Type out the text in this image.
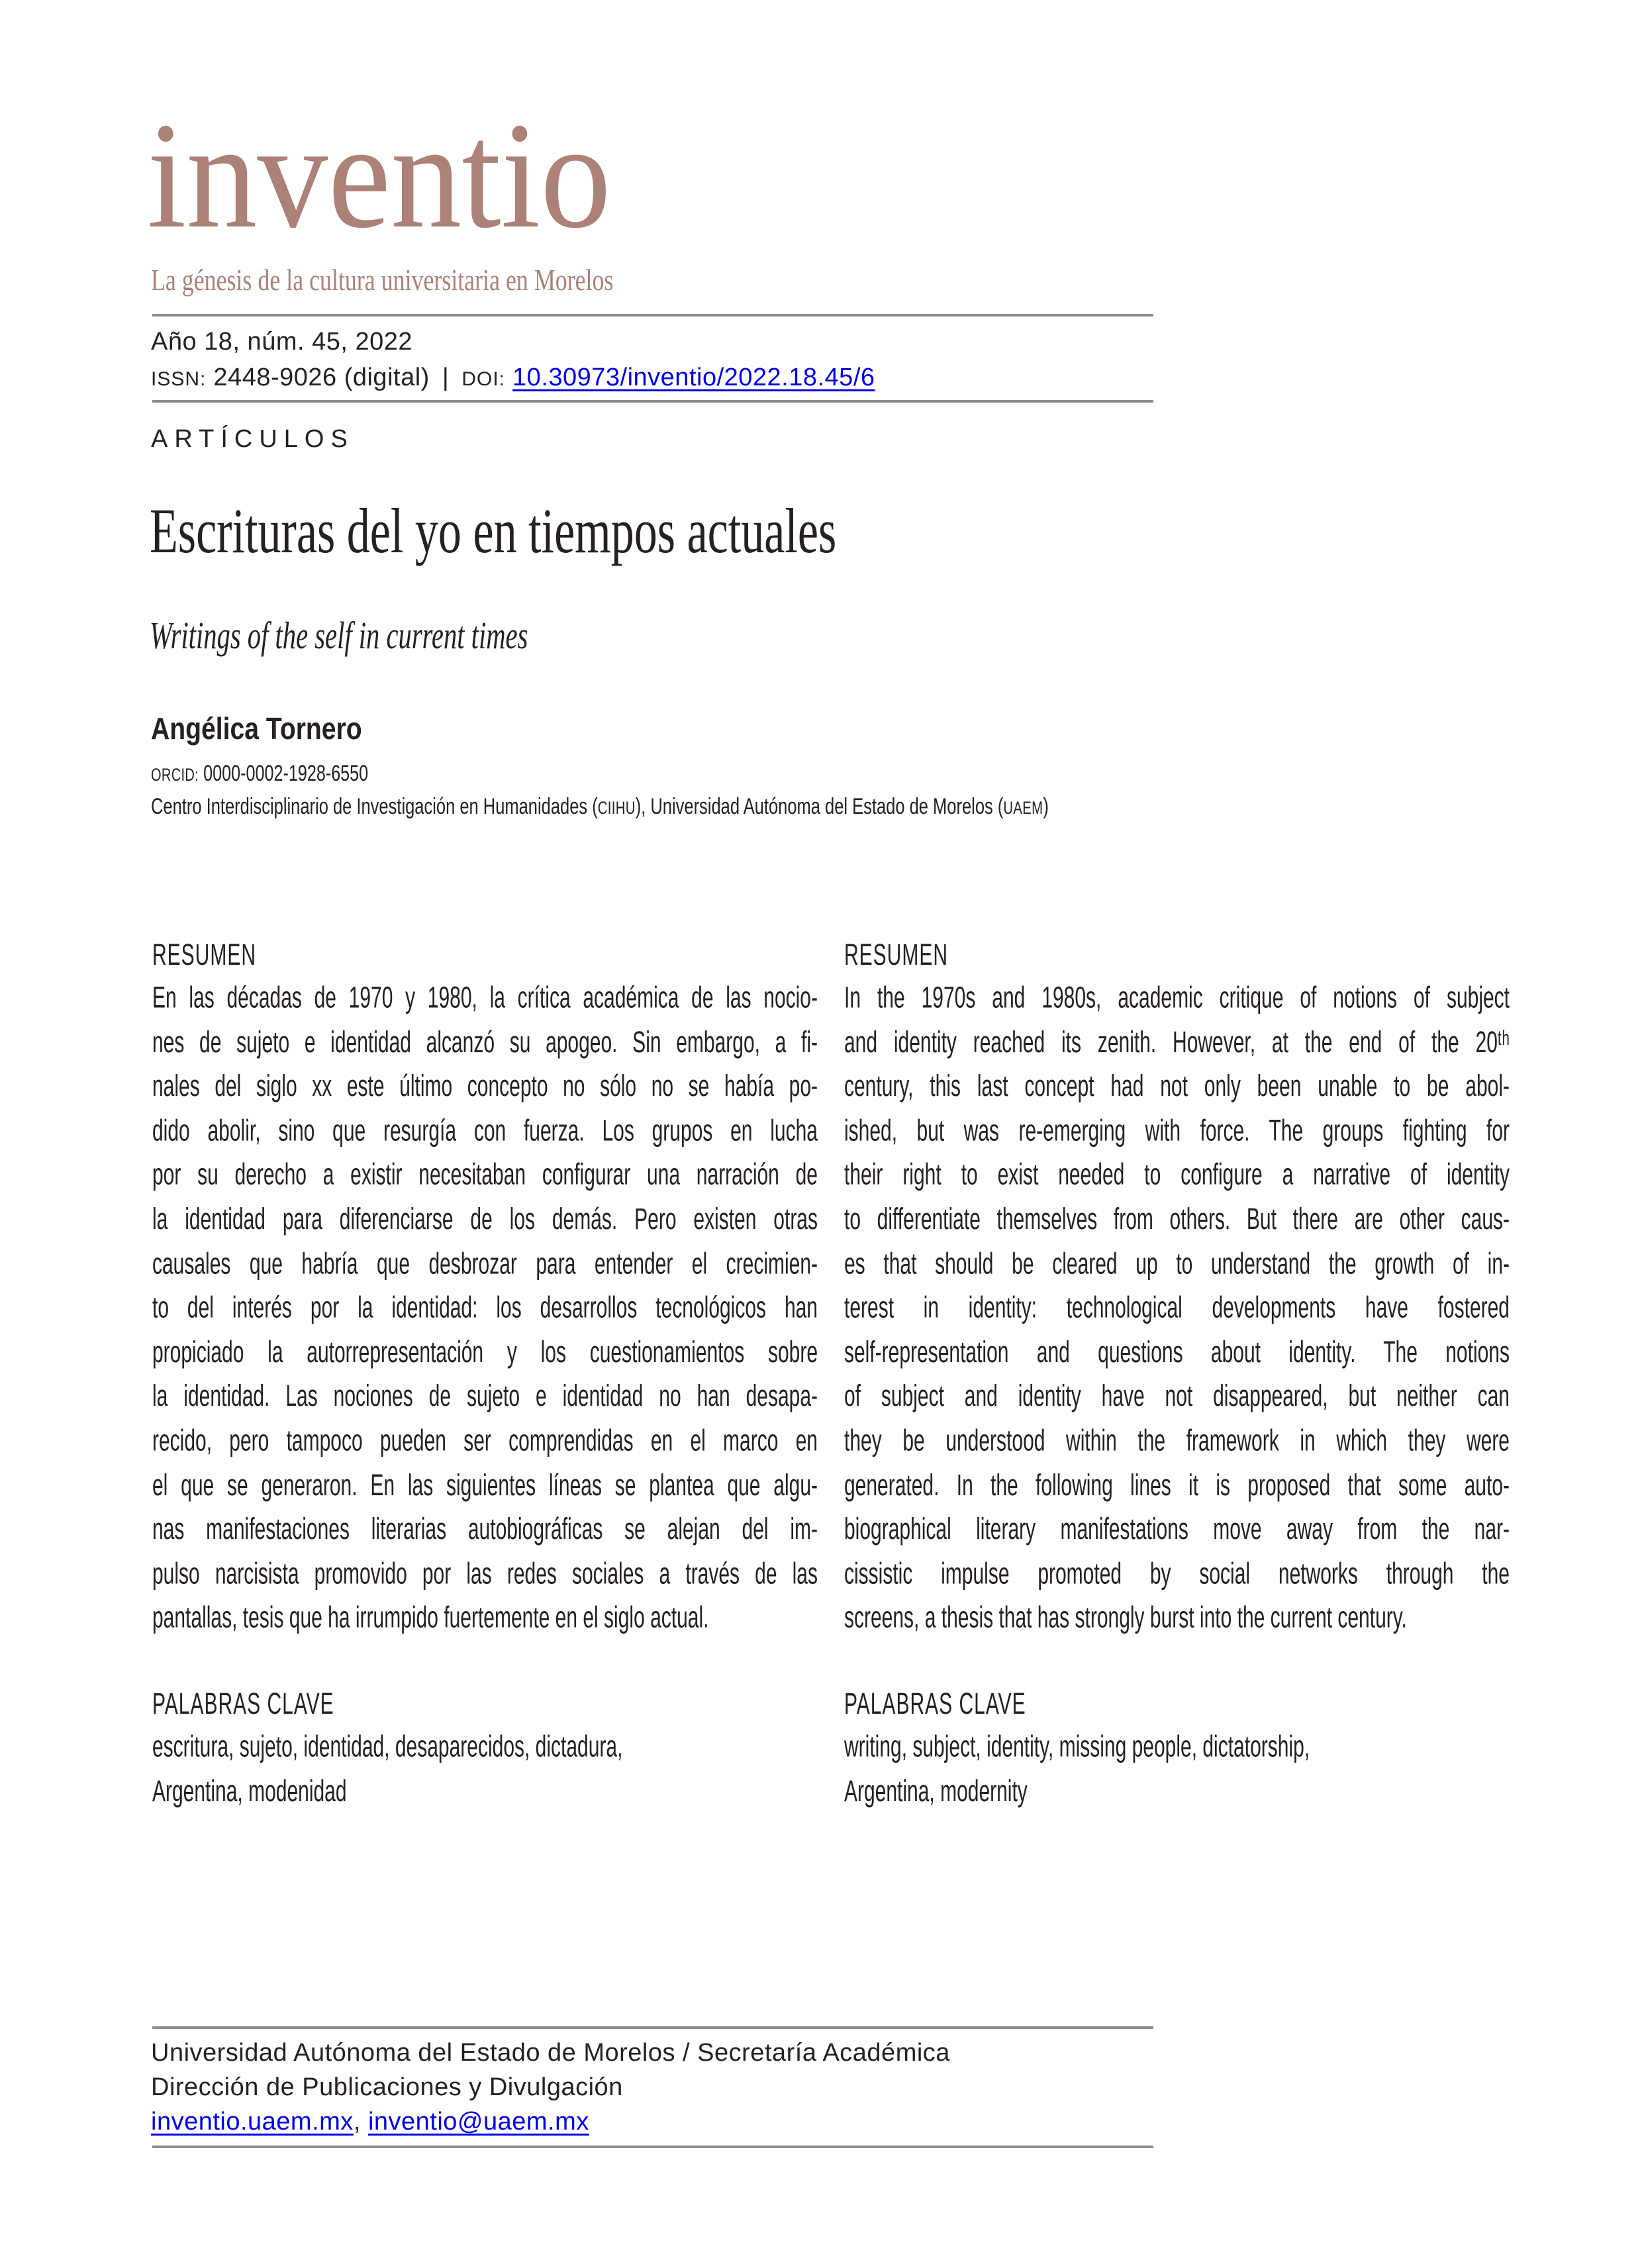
inventio
La génesis de la cultura universitaria en Morelos
Año 18, núm. 45, 2022
ISSN: 2448-9026 (digital) | DOI: 10.30973/inventio/2022.18.45/6
ARTÍCULOS
Escrituras del yo en tiempos actuales
Writings of the self in current times
Angélica Tornero
ORCID: 0000-0002-1928-6550
Centro Interdisciplinario de Investigación en Humanidades (CIIHU), Universidad Autónoma del Estado de Morelos (UAEM)
RESUMEN
En las décadas de 1970 y 1980, la crítica académica de las nocio-
nes de sujeto e identidad alcanzó su apogeo. Sin embargo, a fi-
nales del siglo xx este último concepto no sólo no se había po-
dido abolir, sino que resurgía con fuerza. Los grupos en lucha
por su derecho a existir necesitaban configurar una narración de
la identidad para diferenciarse de los demás. Pero existen otras
causales que habría que desbrozar para entender el crecimien-
to del interés por la identidad: los desarrollos tecnológicos han
propiciado la autorrepresentación y los cuestionamientos sobre
la identidad. Las nociones de sujeto e identidad no han desapa-
recido, pero tampoco pueden ser comprendidas en el marco en
el que se generaron. En las siguientes líneas se plantea que algu-
nas manifestaciones literarias autobiográficas se alejan del im-
pulso narcisista promovido por las redes sociales a través de las
pantallas, tesis que ha irrumpido fuertemente en el siglo actual.
PALABRAS CLAVE
escritura, sujeto, identidad, desaparecidos, dictadura,
Argentina, modenidad
RESUMEN
In the 1970s and 1980s, academic critique of notions of subject
and identity reached its zenith. However, at the end of the 20ᵗʰ
century, this last concept had not only been unable to be abol-
ished, but was re-emerging with force. The groups fighting for
their right to exist needed to configure a narrative of identity
to differentiate themselves from others. But there are other caus-
es that should be cleared up to understand the growth of in-
terest in identity: technological developments have fostered
self-representation and questions about identity. The notions
of subject and identity have not disappeared, but neither can
they be understood within the framework in which they were
generated. In the following lines it is proposed that some auto-
biographical literary manifestations move away from the nar-
cissistic impulse promoted by social networks through the
screens, a thesis that has strongly burst into the current century.
PALABRAS CLAVE
writing, subject, identity, missing people, dictatorship,
Argentina, modernity
Universidad Autónoma del Estado de Morelos / Secretaría Académica
Dirección de Publicaciones y Divulgación
inventio.uaem.mx, inventio@uaem.mx
